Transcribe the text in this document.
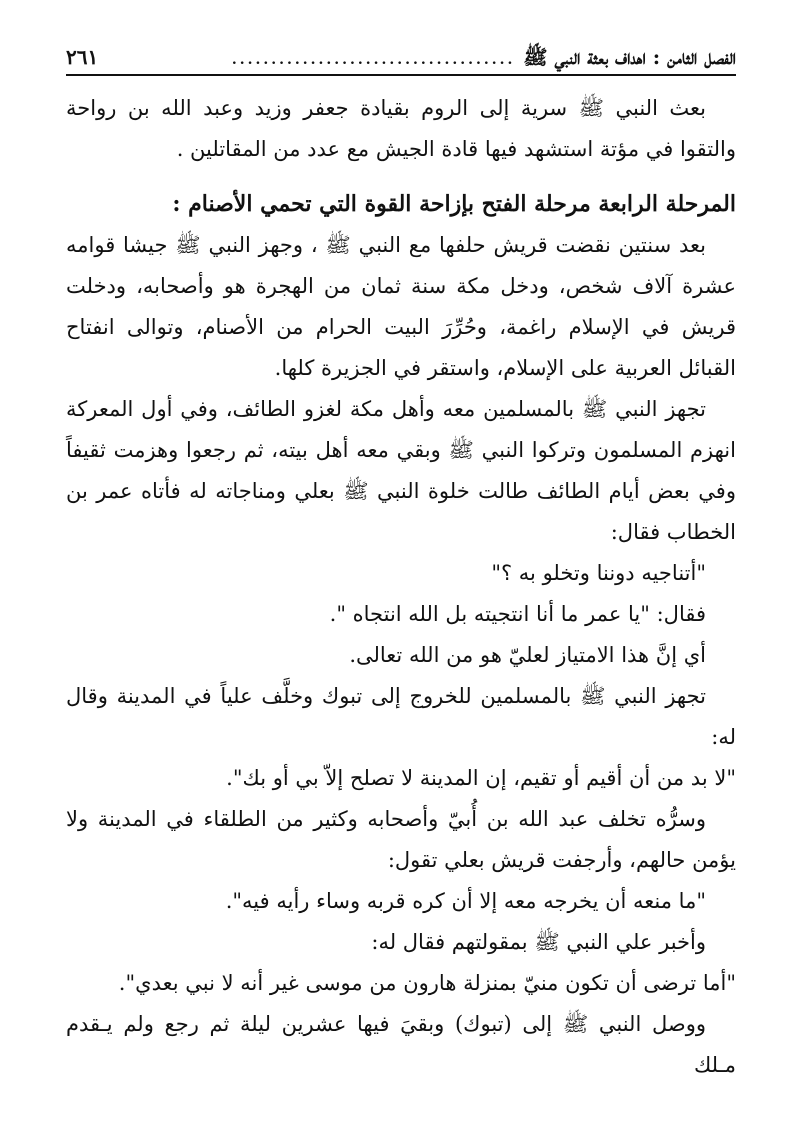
الفصل الثامن : اهداف بعثة النبي ﷺ
....................................
٢٦١

بعث النبي ﷺ سرية إلى الروم بقيادة جعفر وزيد وعبد الله بن رواحة والتقوا في مؤتة استشهد فيها قادة الجيش مع عدد من المقاتلين .

المرحلة الرابعة مرحلة الفتح بإزاحة القوة التي تحمي الأصنام :

بعد سنتين نقضت قريش حلفها مع النبي ﷺ ، وجهز النبي ﷺ جيشا قوامه عشرة آلاف شخص، ودخل مكة سنة ثمان من الهجرة هو وأصحابه، ودخلت قريش في الإسلام راغمة، وحُرِّرَ البيت الحرام من الأصنام، وتوالى انفتاح القبائل العربية على الإسلام، واستقر في الجزيرة كلها.

تجهز النبي ﷺ بالمسلمين معه وأهل مكة لغزو الطائف، وفي أول المعركة انهزم المسلمون وتركوا النبي ﷺ وبقي معه أهل بيته، ثم رجعوا وهزمت ثقيفاً وفي بعض أيام الطائف طالت خلوة النبي ﷺ بعلي ومناجاته له فأتاه عمر بن الخطاب فقال:

"أتناجيه دوننا وتخلو به ؟"

فقال: "يا عمر ما أنا انتجيته بل الله انتجاه ".

أي إنَّ هذا الامتياز لعليّ هو من الله تعالى.

تجهز النبي ﷺ بالمسلمين للخروج إلى تبوك وخلَّف علياً في المدينة وقال له:

"لا بد من أن أقيم أو تقيم، إن المدينة لا تصلح إلاّ بي أو بك".

وسرُّه تخلف عبد الله بن أُبيّ وأصحابه وكثير من الطلقاء في المدينة ولا يؤمن حالهم، وأرجفت قريش بعلي تقول:

"ما منعه أن يخرجه معه إلا أن كره قربه وساء رأيه فيه".

وأخبر علي النبي ﷺ بمقولتهم فقال له:

"أما ترضى أن تكون منيّ بمنزلة هارون من موسى غير أنه لا نبي بعدي".

ووصل النبي ﷺ إلى (تبوك) وبقيَ فيها عشرين ليلة ثم رجع ولم يـقدم مـلك
